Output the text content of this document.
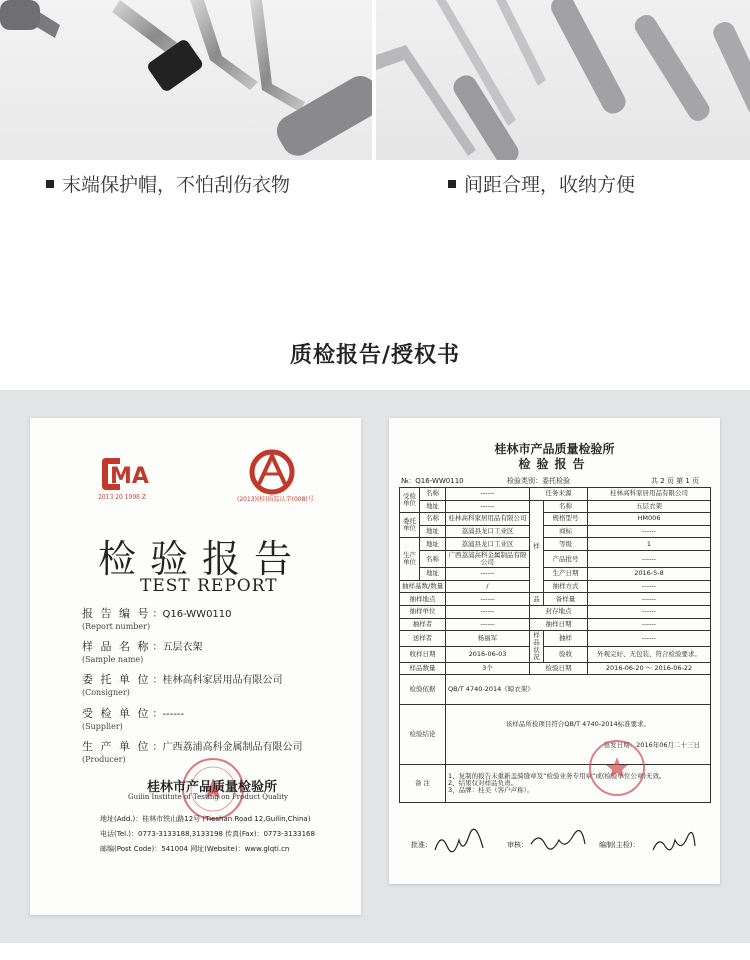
末端保护帽，不怕刮伤衣物	间距合理，收纳方便
质检报告/授权书
MA
2013 20 1998 Z	(2013)(桂)质监认字(008)号
检验报告
TEST REPORT
报 告 编 号 ：Q16-WW0110
(Report number)
样 品 名 称 ：五层衣架
(Sample name)
委 托 单 位 ：桂林高科家居用品有限公司
(Consigner)
受 检 单 位 ：------
(Supplier)
生 产 单 位 ：广西荔浦高科金属制品有限公司
(Producer)
桂林市产品质量检验所
Guilin Institute of Testing on Product Quality
地址(Add.)：桂林市铁山路12号 (Tieshan Road 12,Guilin,China)
电话(Tel.)：0773-3133188,3133198 传真(Fax)：0773-3133168
邮编(Post Code)：541004 网址(Website)：www.glqti.cn
桂林市产品质量检验所
检验报告
№：Q16-WW0110	检验类别：委托检验	共 2 页 第 1 页
受检单位	名称	------	任务来源		桂林高科家居用品有限公司
	地址	------	样	名称	五层衣架
委托单位	名称	桂林高科家居用品有限公司		规格型号	HM006
	地址	荔浦县龙口工业区		商标	------
生产单位	地址	荔浦县龙口工业区		等级	1
	名称	广西荔浦高科金属制品有限公司		产品批号	------
	地址	------		生产日期	2016-5-8
抽样基数/数量		/		抽样方式	------
抽样地点		------	品	备样量	------
抽样单位		------	封存地点		------
抽样者		------	抽样日期		------
送样者		杨丽军	样品状况	抽样	------
收样日期		2016-06-03		验收	外观完好、无包装、符合检验要求。
样品数量		3个	检验日期		2016-06-20 ～ 2016-06-22
检验依据		QB/T 4740-2014《晾衣架》			
检验结论		该样品所检项目符合QB/T 4740-2014标准要求。
签发日期：2016年06月二十三日			

备 注		1、复制的报告未重新盖骑缝章及“检验业务专用章”或(检验单位公章)无效。
2、结果仅对样品负责。
3、品牌：桂美（客户声称）。			
批准：	审核：	编制(主检)：
